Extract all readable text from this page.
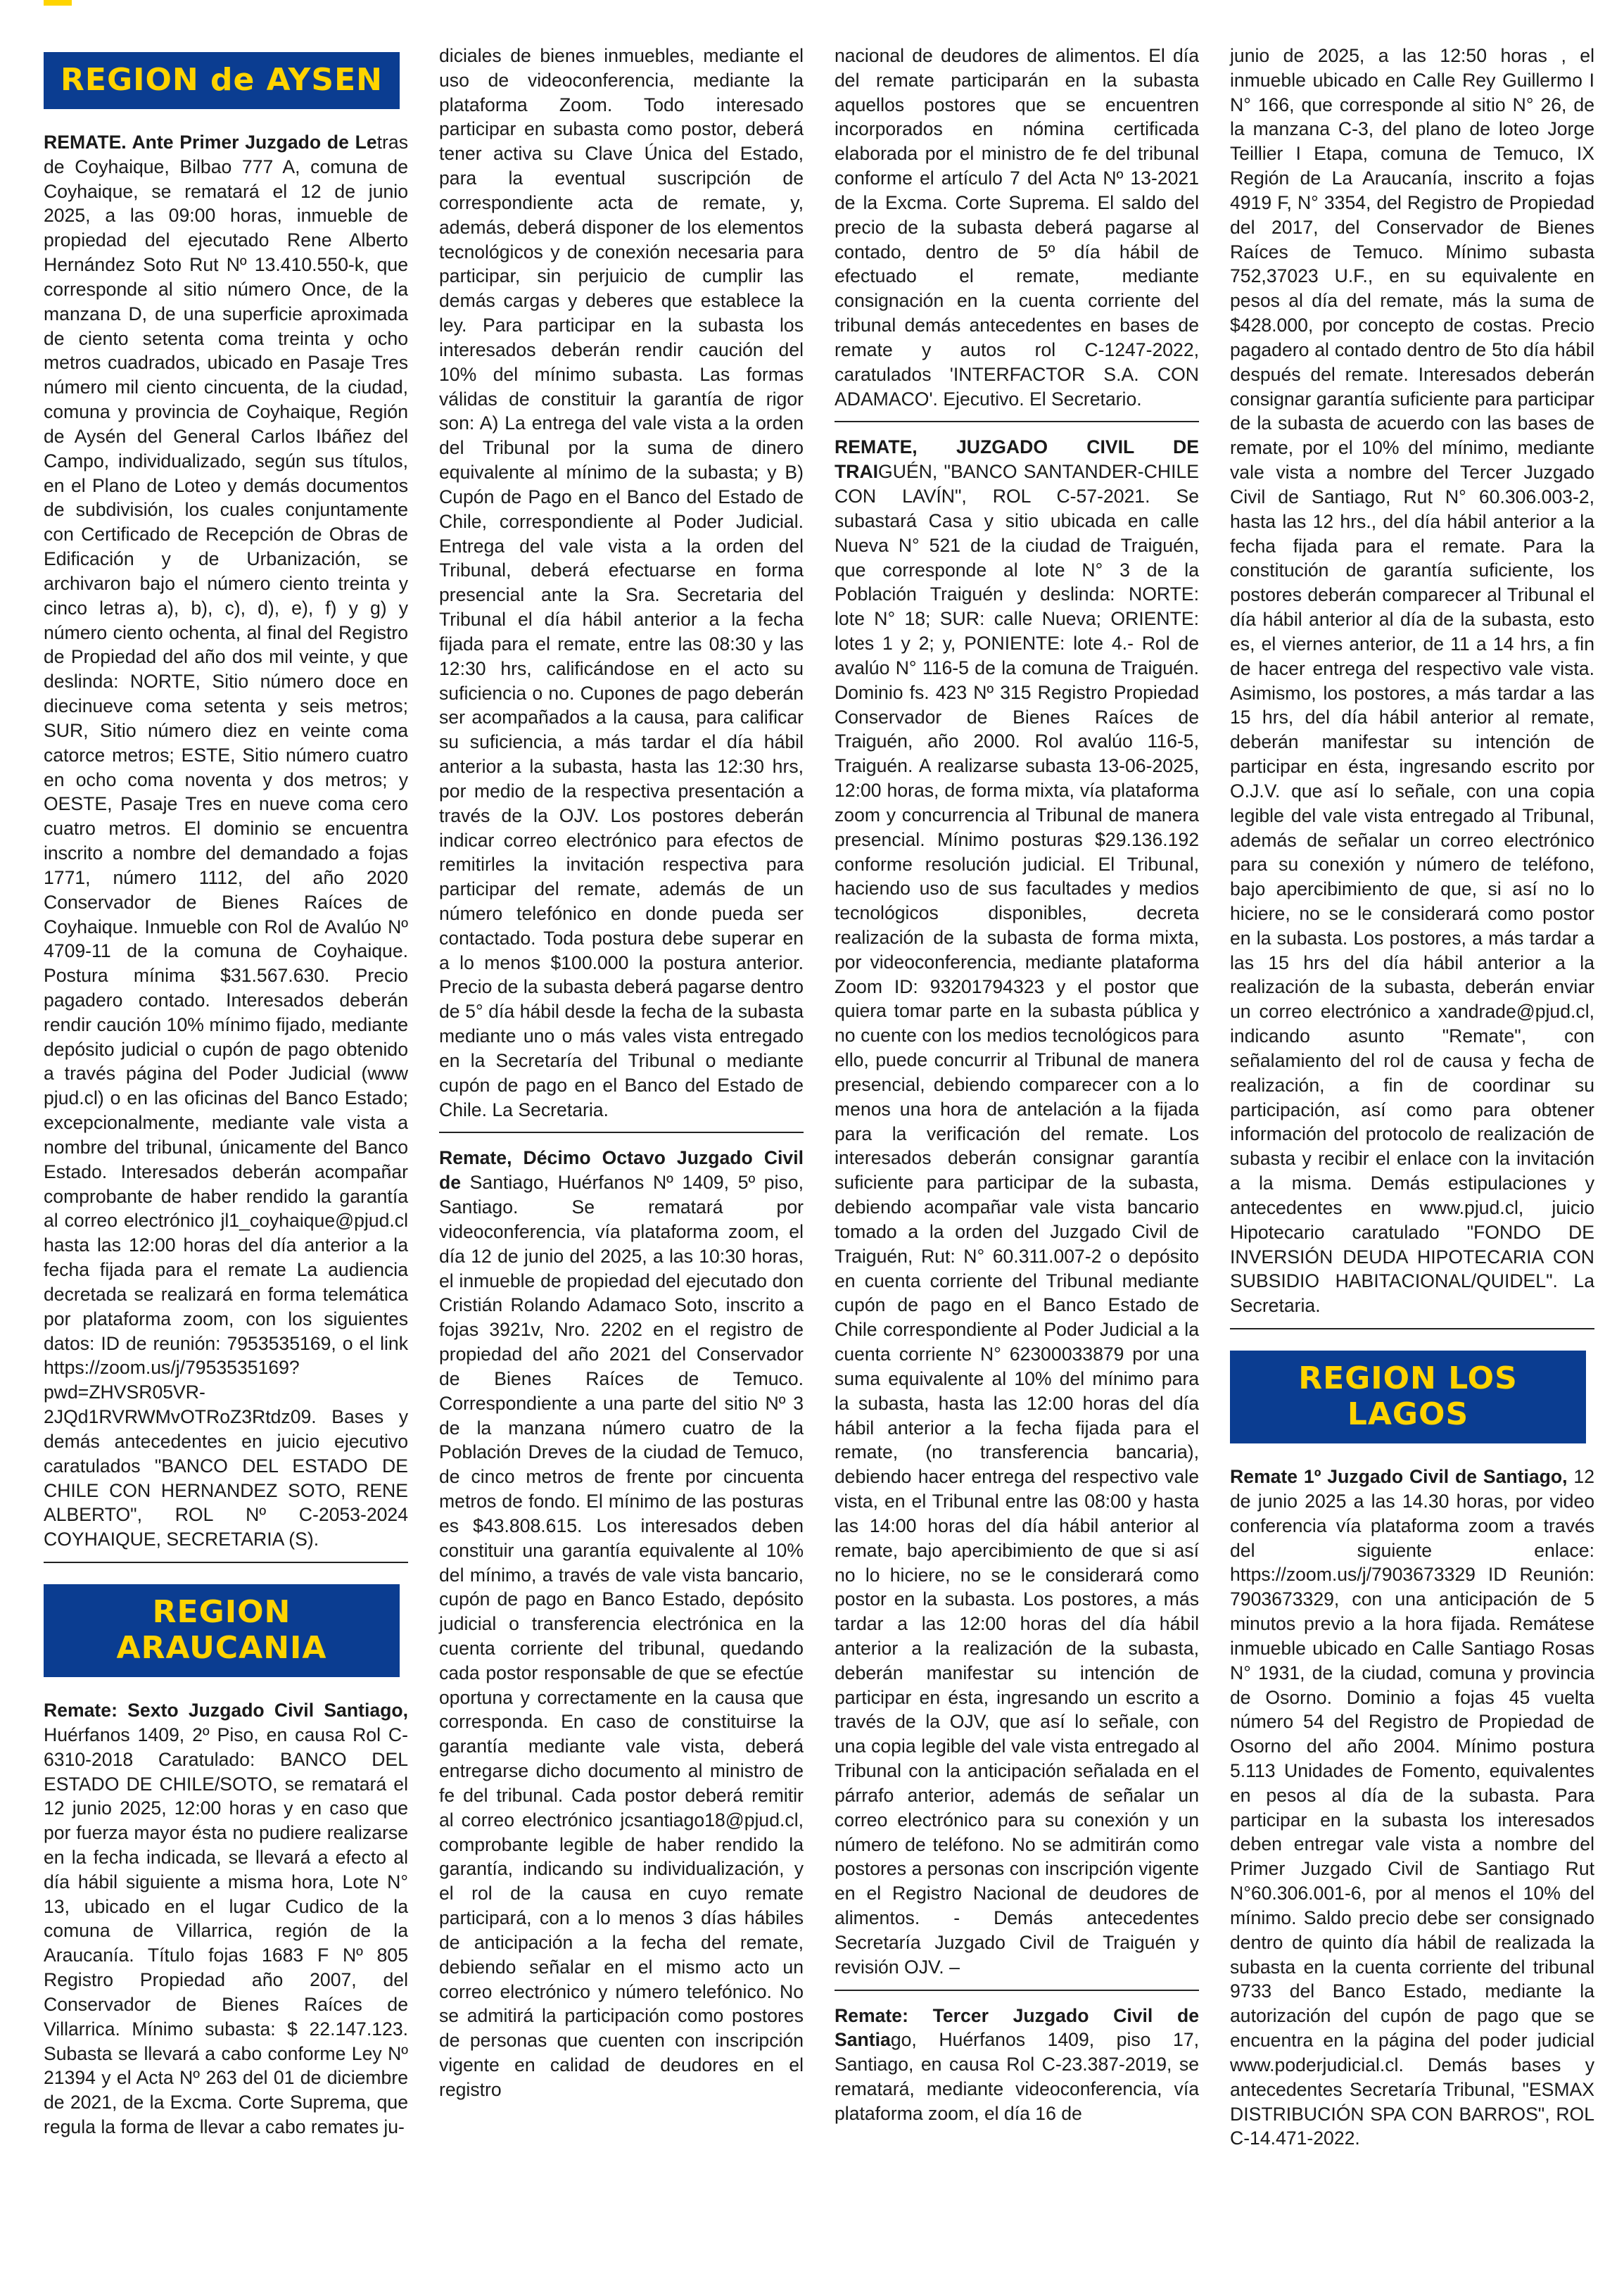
REGION de AYSEN
REMATE. Ante Primer Juzgado de Letras de Coyhaique, Bilbao 777 A, comuna de Coyhaique, se rematará el 12 de junio 2025, a las 09:00 horas, inmueble de propiedad del ejecutado Rene Alberto Hernández Soto Rut Nº 13.410.550-k, que corresponde al sitio número Once, de la manzana D, de una superficie aproximada de ciento setenta coma treinta y ocho metros cuadrados, ubicado en Pasaje Tres número mil ciento cincuenta, de la ciudad, comuna y provincia de Coyhaique, Región de Aysén del General Carlos Ibáñez del Campo, individualizado, según sus títulos, en el Plano de Loteo y demás documentos de subdivisión, los cuales conjuntamente con Certificado de Recepción de Obras de Edificación y de Urbanización, se archivaron bajo el número ciento treinta y cinco letras a), b), c), d), e), f) y g) y número ciento ochenta, al final del Registro de Propiedad del año dos mil veinte, y que deslinda: NORTE, Sitio número doce en diecinueve coma setenta y seis metros; SUR, Sitio número diez en veinte coma catorce metros; ESTE, Sitio número cuatro en ocho coma noventa y dos metros; y OESTE, Pasaje Tres en nueve coma cero cuatro metros. El dominio se encuentra inscrito a nombre del demandado a fojas 1771, número 1112, del año 2020 Conservador de Bienes Raíces de Coyhaique. Inmueble con Rol de Avalúo Nº 4709-11 de la comuna de Coyhaique. Postura mínima $31.567.630. Precio pagadero contado. Interesados deberán rendir caución 10% mínimo fijado, mediante depósito judicial o cupón de pago obtenido a través página del Poder Judicial (www pjud.cl) o en las oficinas del Banco Estado; excepcionalmente, mediante vale vista a nombre del tribunal, únicamente del Banco Estado. Interesados deberán acompañar comprobante de haber rendido la garantía al correo electrónico jl1_coyhaique@pjud.cl hasta las 12:00 horas del día anterior a la fecha fijada para el remate La audiencia decretada se realizará en forma telemática por plataforma zoom, con los siguientes datos: ID de reunión: 7953535169, o el link https://zoom.us/j/7953535169?pwd=ZHVSR05VR-2JQd1RVRWMvOTRoZ3Rtdz09. Bases y demás antecedentes en juicio ejecutivo caratulados "BANCO DEL ESTADO DE CHILE CON HERNANDEZ SOTO, RENE ALBERTO", ROL Nº C-2053-2024 COYHAIQUE, SECRETARIA (S).
REGION ARAUCANIA
Remate: Sexto Juzgado Civil Santiago, Huérfanos 1409, 2º Piso, en causa Rol C-6310-2018 Caratulado: BANCO DEL ESTADO DE CHILE/SOTO, se rematará el 12 junio 2025, 12:00 horas y en caso que por fuerza mayor ésta no pudiere realizarse en la fecha indicada, se llevará a efecto al día hábil siguiente a misma hora, Lote N° 13, ubicado en el lugar Cudico de la comuna de Villarrica, región de la Araucanía. Título fojas 1683 F Nº 805 Registro Propiedad año 2007, del Conservador de Bienes Raíces de Villarrica. Mínimo subasta: $ 22.147.123. Subasta se llevará a cabo conforme Ley Nº 21394 y el Acta Nº 263 del 01 de diciembre de 2021, de la Excma. Corte Suprema, que regula la forma de llevar a cabo remates ju-
diciales de bienes inmuebles, mediante el uso de videoconferencia, mediante la plataforma Zoom. Todo interesado participar en subasta como postor, deberá tener activa su Clave Única del Estado, para la eventual suscripción de correspondiente acta de remate, y, además, deberá disponer de los elementos tecnológicos y de conexión necesaria para participar, sin perjuicio de cumplir las demás cargas y deberes que establece la ley. Para participar en la subasta los interesados deberán rendir caución del 10% del mínimo subasta. Las formas válidas de constituir la garantía de rigor son: A) La entrega del vale vista a la orden del Tribunal por la suma de dinero equivalente al mínimo de la subasta; y B) Cupón de Pago en el Banco del Estado de Chile, correspondiente al Poder Judicial. Entrega del vale vista a la orden del Tribunal, deberá efectuarse en forma presencial ante la Sra. Secretaria del Tribunal el día hábil anterior a la fecha fijada para el remate, entre las 08:30 y las 12:30 hrs, calificándose en el acto su suficiencia o no. Cupones de pago deberán ser acompañados a la causa, para calificar su suficiencia, a más tardar el día hábil anterior a la subasta, hasta las 12:30 hrs, por medio de la respectiva presentación a través de la OJV. Los postores deberán indicar correo electrónico para efectos de remitirles la invitación respectiva para participar del remate, además de un número telefónico en donde pueda ser contactado. Toda postura debe superar en a lo menos $100.000 la postura anterior. Precio de la subasta deberá pagarse dentro de 5° día hábil desde la fecha de la subasta mediante uno o más vales vista entregado en la Secretaría del Tribunal o mediante cupón de pago en el Banco del Estado de Chile. La Secretaria.
Remate, Décimo Octavo Juzgado Civil de Santiago, Huérfanos Nº 1409, 5º piso, Santiago. Se rematará por videoconferencia, vía plataforma zoom, el día 12 de junio del 2025, a las 10:30 horas, el inmueble de propiedad del ejecutado don Cristián Rolando Adamaco Soto, inscrito a fojas 3921v, Nro. 2202 en el registro de propiedad del año 2021 del Conservador de Bienes Raíces de Temuco. Correspondiente a una parte del sitio Nº 3 de la manzana número cuatro de la Población Dreves de la ciudad de Temuco, de cinco metros de frente por cincuenta metros de fondo. El mínimo de las posturas es $43.808.615. Los interesados deben constituir una garantía equivalente al 10% del mínimo, a través de vale vista bancario, cupón de pago en Banco Estado, depósito judicial o transferencia electrónica en la cuenta corriente del tribunal, quedando cada postor responsable de que se efectúe oportuna y correctamente en la causa que corresponda. En caso de constituirse la garantía mediante vale vista, deberá entregarse dicho documento al ministro de fe del tribunal. Cada postor deberá remitir al correo electrónico jcsantiago18@pjud.cl, comprobante legible de haber rendido la garantía, indicando su individualización, y el rol de la causa en cuyo remate participará, con a lo menos 3 días hábiles de anticipación a la fecha del remate, debiendo señalar en el mismo acto un correo electrónico y número telefónico. No se admitirá la participación como postores de personas que cuenten con inscripción vigente en calidad de deudores en el registro
nacional de deudores de alimentos. El día del remate participarán en la subasta aquellos postores que se encuentren incorporados en nómina certificada elaborada por el ministro de fe del tribunal conforme el artículo 7 del Acta Nº 13-2021 de la Excma. Corte Suprema. El saldo del precio de la subasta deberá pagarse al contado, dentro de 5º día hábil de efectuado el remate, mediante consignación en la cuenta corriente del tribunal demás antecedentes en bases de remate y autos rol C-1247-2022, caratulados 'INTERFACTOR S.A. CON ADAMACO'. Ejecutivo. El Secretario.
REMATE, JUZGADO CIVIL DE TRAIGUÉN, "BANCO SANTANDER-CHILE CON LAVÍN", ROL C-57-2021. Se subastará Casa y sitio ubicada en calle Nueva N° 521 de la ciudad de Traiguén, que corresponde al lote N° 3 de la Población Traiguén y deslinda: NORTE: lote N° 18; SUR: calle Nueva; ORIENTE: lotes 1 y 2; y, PONIENTE: lote 4.- Rol de avalúo N° 116-5 de la comuna de Traiguén. Dominio fs. 423 Nº 315 Registro Propiedad Conservador de Bienes Raíces de Traiguén, año 2000. Rol avalúo 116-5, Traiguén. A realizarse subasta 13-06-2025, 12:00 horas, de forma mixta, vía plataforma zoom y concurrencia al Tribunal de manera presencial. Mínimo posturas $29.136.192 conforme resolución judicial. El Tribunal, haciendo uso de sus facultades y medios tecnológicos disponibles, decreta realización de la subasta de forma mixta, por videoconferencia, mediante plataforma Zoom ID: 93201794323 y el postor que quiera tomar parte en la subasta pública y no cuente con los medios tecnológicos para ello, puede concurrir al Tribunal de manera presencial, debiendo comparecer con a lo menos una hora de antelación a la fijada para la verificación del remate. Los interesados deberán consignar garantía suficiente para participar de la subasta, debiendo acompañar vale vista bancario tomado a la orden del Juzgado Civil de Traiguén, Rut: N° 60.311.007-2 o depósito en cuenta corriente del Tribunal mediante cupón de pago en el Banco Estado de Chile correspondiente al Poder Judicial a la cuenta corriente N° 62300033879 por una suma equivalente al 10% del mínimo para la subasta, hasta las 12:00 horas del día hábil anterior a la fecha fijada para el remate, (no transferencia bancaria), debiendo hacer entrega del respectivo vale vista, en el Tribunal entre las 08:00 y hasta las 14:00 horas del día hábil anterior al remate, bajo apercibimiento de que si así no lo hiciere, no se le considerará como postor en la subasta. Los postores, a más tardar a las 12:00 horas del día hábil anterior a la realización de la subasta, deberán manifestar su intención de participar en ésta, ingresando un escrito a través de la OJV, que así lo señale, con una copia legible del vale vista entregado al Tribunal con la anticipación señalada en el párrafo anterior, además de señalar un correo electrónico para su conexión y un número de teléfono. No se admitirán como postores a personas con inscripción vigente en el Registro Nacional de deudores de alimentos. - Demás antecedentes Secretaría Juzgado Civil de Traiguén y revisión OJV. –
Remate: Tercer Juzgado Civil de Santiago, Huérfanos 1409, piso 17, Santiago, en causa Rol C-23.387-2019, se rematará, mediante videoconferencia, vía plataforma zoom, el día 16 de
junio de 2025, a las 12:50 horas , el inmueble ubicado en Calle Rey Guillermo I N° 166, que corresponde al sitio N° 26, de la manzana C-3, del plano de loteo Jorge Teillier I Etapa, comuna de Temuco, IX Región de La Araucanía, inscrito a fojas 4919 F, N° 3354, del Registro de Propiedad del 2017, del Conservador de Bienes Raíces de Temuco. Mínimo subasta 752,37023 U.F., en su equivalente en pesos al día del remate, más la suma de $428.000, por concepto de costas. Precio pagadero al contado dentro de 5to día hábil después del remate. Interesados deberán consignar garantía suficiente para participar de la subasta de acuerdo con las bases de remate, por el 10% del mínimo, mediante vale vista a nombre del Tercer Juzgado Civil de Santiago, Rut N° 60.306.003-2, hasta las 12 hrs., del día hábil anterior a la fecha fijada para el remate. Para la constitución de garantía suficiente, los postores deberán comparecer al Tribunal el día hábil anterior al día de la subasta, esto es, el viernes anterior, de 11 a 14 hrs, a fin de hacer entrega del respectivo vale vista. Asimismo, los postores, a más tardar a las 15 hrs, del día hábil anterior al remate, deberán manifestar su intención de participar en ésta, ingresando escrito por O.J.V. que así lo señale, con una copia legible del vale vista entregado al Tribunal, además de señalar un correo electrónico para su conexión y número de teléfono, bajo apercibimiento de que, si así no lo hiciere, no se le considerará como postor en la subasta. Los postores, a más tardar a las 15 hrs del día hábil anterior a la realización de la subasta, deberán enviar un correo electrónico a xandrade@pjud.cl, indicando asunto "Remate", con señalamiento del rol de causa y fecha de realización, a fin de coordinar su participación, así como para obtener información del protocolo de realización de subasta y recibir el enlace con la invitación a la misma. Demás estipulaciones y antecedentes en www.pjud.cl, juicio Hipotecario caratulado "FONDO DE INVERSIÓN DEUDA HIPOTECARIA CON SUBSIDIO HABITACIONAL/QUIDEL". La Secretaria.
REGION LOS LAGOS
Remate 1º Juzgado Civil de Santiago, 12 de junio 2025 a las 14.30 horas, por video conferencia vía plataforma zoom a través del siguiente enlace: https://zoom.us/j/7903673329 ID Reunión: 7903673329, con una anticipación de 5 minutos previo a la hora fijada. Remátese inmueble ubicado en Calle Santiago Rosas N° 1931, de la ciudad, comuna y provincia de Osorno. Dominio a fojas 45 vuelta número 54 del Registro de Propiedad de Osorno del año 2004. Mínimo postura 5.113 Unidades de Fomento, equivalentes en pesos al día de la subasta. Para participar en la subasta los interesados deben entregar vale vista a nombre del Primer Juzgado Civil de Santiago Rut N°60.306.001-6, por al menos el 10% del mínimo. Saldo precio debe ser consignado dentro de quinto día hábil de realizada la subasta en la cuenta corriente del tribunal 9733 del Banco Estado, mediante la autorización del cupón de pago que se encuentra en la página del poder judicial www.poderjudicial.cl. Demás bases y antecedentes Secretaría Tribunal, "ESMAX DISTRIBUCIÓN SPA CON BARROS", ROL C-14.471-2022.
